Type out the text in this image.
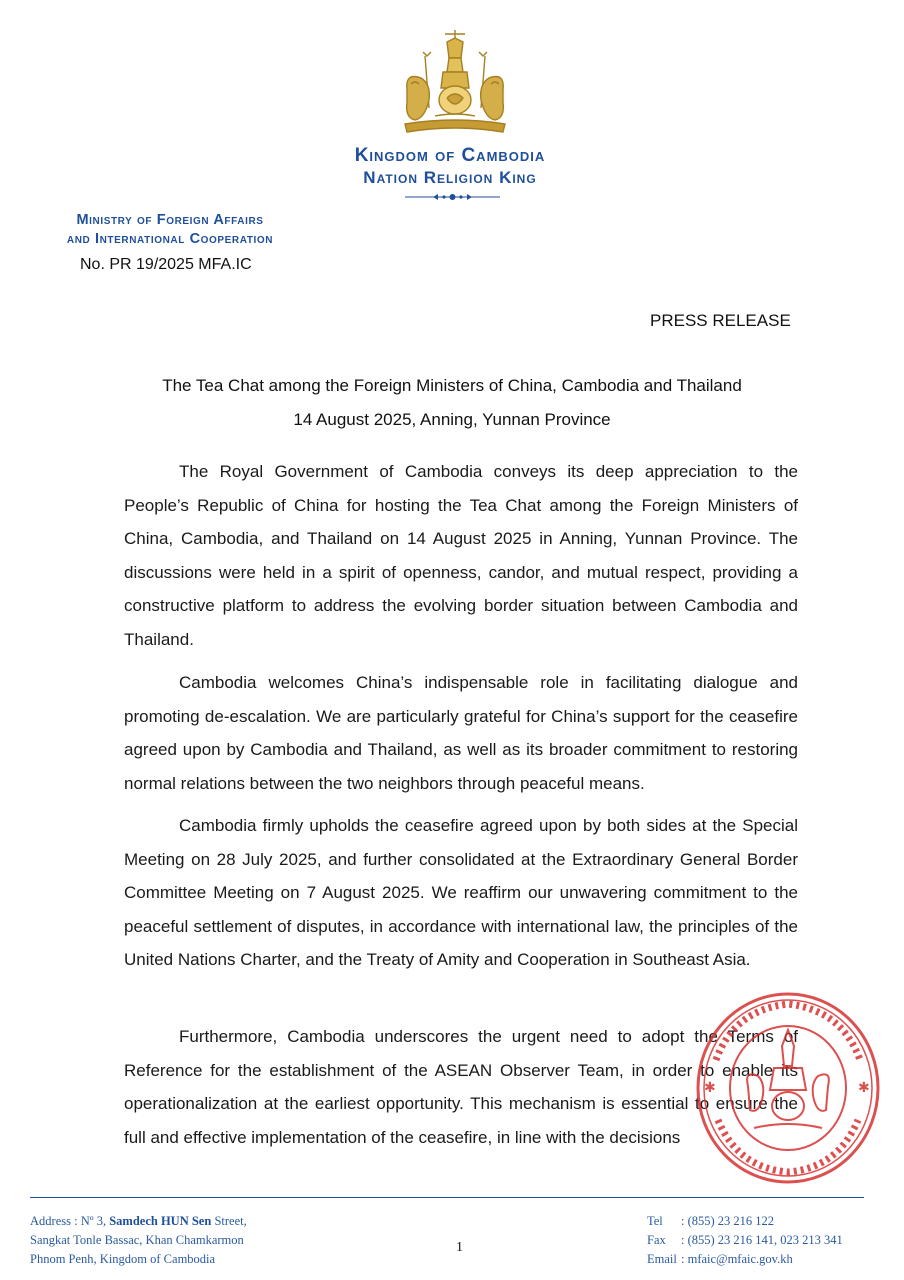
Kingdom of Cambodia
Nation Religion King
Ministry of Foreign Affairs
and International Cooperation
No. PR 19/2025 MFA.IC
PRESS RELEASE
The Tea Chat among the Foreign Ministers of China, Cambodia and Thailand
14 August 2025, Anning, Yunnan Province

The Royal Government of Cambodia conveys its deep appreciation to the People’s Republic of China for hosting the Tea Chat among the Foreign Ministers of China, Cambodia, and Thailand on 14 August 2025 in Anning, Yunnan Province. The discussions were held in a spirit of openness, candor, and mutual respect, providing a constructive platform to address the evolving border situation between Cambodia and Thailand.

Cambodia welcomes China’s indispensable role in facilitating dialogue and promoting de-escalation. We are particularly grateful for China’s support for the ceasefire agreed upon by Cambodia and Thailand, as well as its broader commitment to restoring normal relations between the two neighbors through peaceful means.

Cambodia firmly upholds the ceasefire agreed upon by both sides at the Special Meeting on 28 July 2025, and further consolidated at the Extraordinary General Border Committee Meeting on 7 August 2025. We reaffirm our unwavering commitment to the peaceful settlement of disputes, in accordance with international law, the principles of the United Nations Charter, and the Treaty of Amity and Cooperation in Southeast Asia.

Furthermore, Cambodia underscores the urgent need to adopt the Terms of Reference for the establishment of the ASEAN Observer Team, in order to enable its operationalization at the earliest opportunity. This mechanism is essential to ensure the full and effective implementation of the ceasefire, in line with the decisions

✱	✱
Address : Nº 3, Samdech HUN Sen Street,
Sangkat Tonle Bassac, Khan Chamkarmon
Phnom Penh, Kingdom of Cambodia
1
Tel : (855) 23 216 122
Fax : (855) 23 216 141, 023 213 341
Email : mfaic@mfaic.gov.kh
